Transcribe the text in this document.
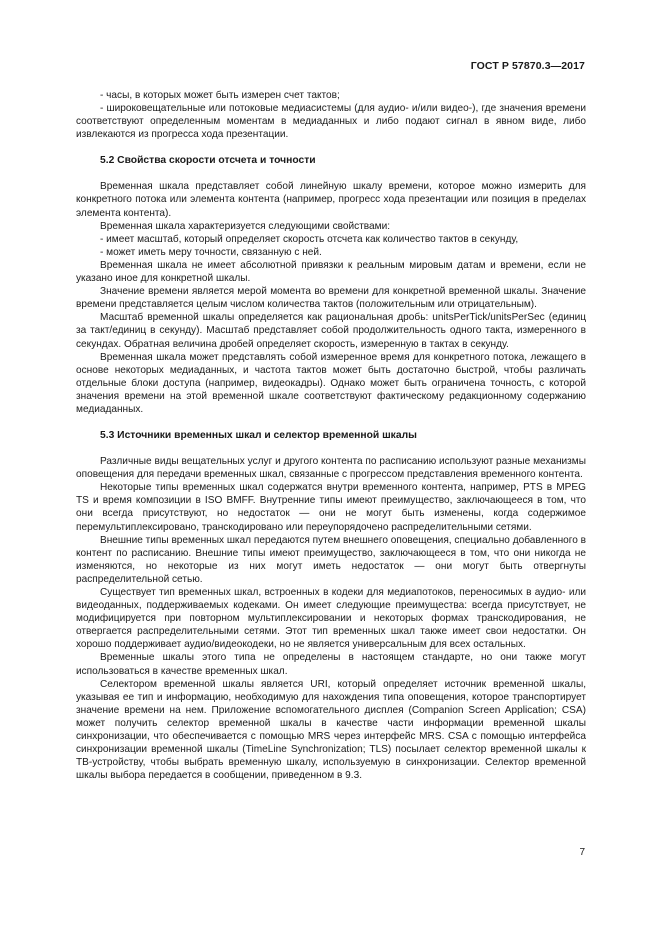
ГОСТ Р 57870.3—2017

- часы, в которых может быть измерен счет тактов;

- широковещательные или потоковые медиасистемы (для аудио- и/или видео-), где значения времени соответствуют определенным моментам в медиаданных и либо подают сигнал в явном виде, либо извлекаются из прогресса хода презентации.

5.2 Свойства скорости отсчета и точности

Временная шкала представляет собой линейную шкалу времени, которое можно измерить для конкретного потока или элемента контента (например, прогресс хода презентации или позиция в пределах элемента контента).

Временная шкала характеризуется следующими свойствами:

- имеет масштаб, который определяет скорость отсчета как количество тактов в секунду,

- может иметь меру точности, связанную с ней.

Временная шкала не имеет абсолютной привязки к реальным мировым датам и времени, если не указано иное для конкретной шкалы.

Значение времени является мерой момента во времени для конкретной временной шкалы. Значение времени представляется целым числом количества тактов (положительным или отрицательным).

Масштаб временной шкалы определяется как рациональная дробь: unitsPerTick/unitsPerSec (единиц за такт/единиц в секунду). Масштаб представляет собой продолжительность одного такта, измеренного в секундах. Обратная величина дробей определяет скорость, измеренную в тактах в секунду.

Временная шкала может представлять собой измеренное время для конкретного потока, лежащего в основе некоторых медиаданных, и частота тактов может быть достаточно быстрой, чтобы различать отдельные блоки доступа (например, видеокадры). Однако может быть ограничена точность, с которой значения времени на этой временной шкале соответствуют фактическому редакционному содержанию медиаданных.

5.3 Источники временных шкал и селектор временной шкалы

Различные виды вещательных услуг и другого контента по расписанию используют разные механизмы оповещения для передачи временных шкал, связанные с прогрессом представления временного контента.

Некоторые типы временных шкал содержатся внутри временного контента, например, PTS в MPEG TS и время композиции в ISO BMFF. Внутренние типы имеют преимущество, заключающееся в том, что они всегда присутствуют, но недостаток — они не могут быть изменены, когда содержимое перемультиплексировано, транскодировано или переупорядочено распределительными сетями.

Внешние типы временных шкал передаются путем внешнего оповещения, специально добавленного в контент по расписанию. Внешние типы имеют преимущество, заключающееся в том, что они никогда не изменяются, но некоторые из них могут иметь недостаток — они могут быть отвергнуты распределительной сетью.

Существует тип временных шкал, встроенных в кодеки для медиапотоков, переносимых в аудио- или видеоданных, поддерживаемых кодеками. Он имеет следующие преимущества: всегда присутствует, не модифицируется при повторном мультиплексировании и некоторых формах транскодирования, не отвергается распределительными сетями. Этот тип временных шкал также имеет свои недостатки. Он хорошо поддерживает аудио/видеокодеки, но не является универсальным для всех остальных.

Временные шкалы этого типа не определены в настоящем стандарте, но они также могут использоваться в качестве временных шкал.

Селектором временной шкалы является URI, который определяет источник временной шкалы, указывая ее тип и информацию, необходимую для нахождения типа оповещения, которое транспортирует значение времени на нем. Приложение вспомогательного дисплея (Companion Screen Application; CSA) может получить селектор временной шкалы в качестве части информации временной шкалы синхронизации, что обеспечивается с помощью MRS через интерфейс MRS. CSA с помощью интерфейса синхронизации временной шкалы (TimeLine Synchronization; TLS) посылает селектор временной шкалы к ТВ-устройству, чтобы выбрать временную шкалу, используемую в синхронизации. Селектор временной шкалы выбора передается в сообщении, приведенном в 9.3.

7
